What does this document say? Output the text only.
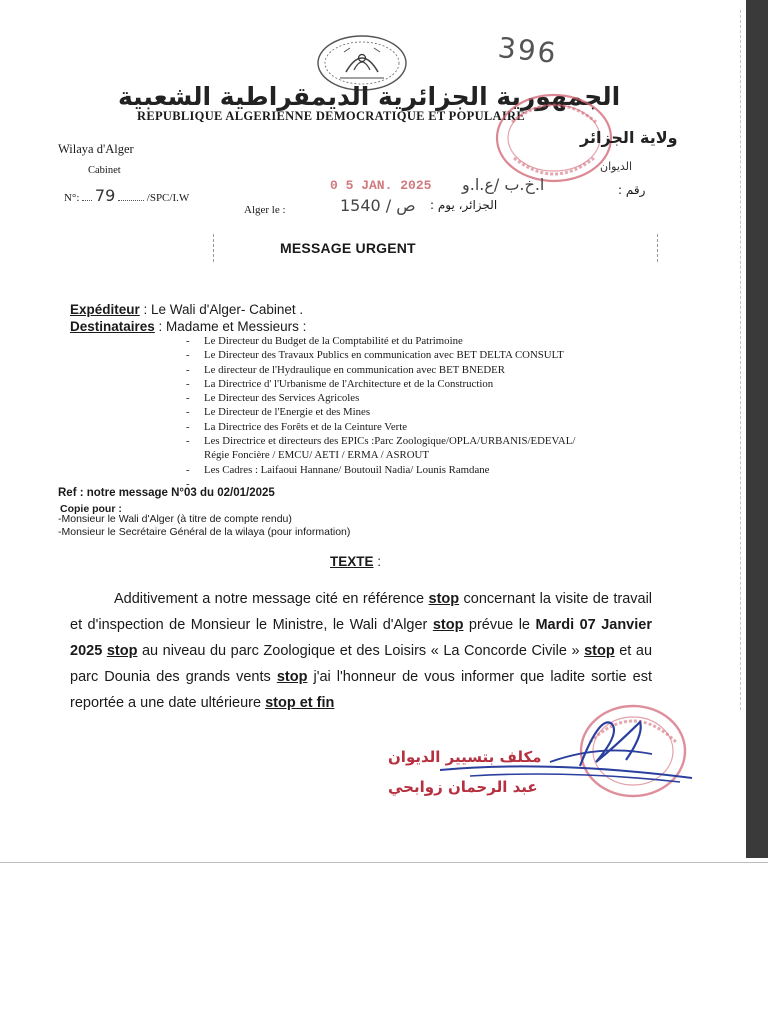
396
الجمهورية الجزائرية الديمقراطية الشعبية
REPUBLIQUE ALGERIENNE DEMOCRATIQUE ET POPULAIRE
Wilaya d'Alger
Cabinet
ولاية الجزائر
الديوان
N°: 79	/SPC/I.W
0 5 JAN. 2025 ا.خ.ب /ع.ا.و	رقم :
Alger le :	1540 / ص الجزائر، يوم :
MESSAGE URGENT
Expéditeur : Le Wali d'Alger- Cabinet .
Destinataires : Madame et Messieurs :
- Le Directeur du Budget de la Comptabilité et du Patrimoine
- Le Directeur des Travaux Publics en communication avec BET DELTA CONSULT
- Le directeur de l'Hydraulique en communication avec BET BNEDER
- La Directrice d' l'Urbanisme de l'Architecture et de la Construction
- Le Directeur des Services Agricoles
- Le Directeur de l'Energie et des Mines
- La Directrice des Forêts et de la Ceinture Verte
- Les Directrice et directeurs des EPICs :Parc Zoologique/OPLA/URBANIS/EDEVAL/
Régie Foncière / EMCU/ AETI / ERMA / ASROUT
- Les Cadres : Laifaoui Hannane/ Boutouil Nadia/ Lounis Ramdane
-
Ref : notre message N°03 du 02/01/2025
Copie pour :
-Monsieur le Wali d'Alger (à titre de compte rendu)
-Monsieur le Secrétaire Général de la wilaya (pour information)
TEXTE :
Additivement a notre message cité en référence stop concernant la visite de travail et d'inspection de Monsieur le Ministre, le Wali d'Alger stop prévue le Mardi 07 Janvier 2025 stop au niveau du parc Zoologique et des Loisirs « La Concorde Civile » stop et au parc Dounia des grands vents stop j'ai l'honneur de vous informer que ladite sortie est reportée a une date ultérieure stop et fin
مكلف بتسيير الديوان
عبد الرحمان زوابحي
